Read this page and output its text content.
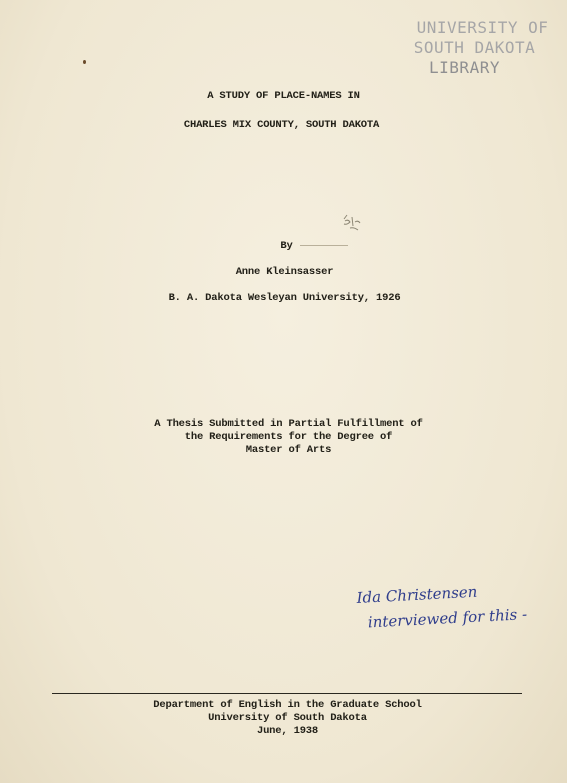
UNIVERSITY OF
SOUTH DAKOTA
LIBRARY
A STUDY OF PLACE-NAMES IN
CHARLES MIX COUNTY, SOUTH DAKOTA
By
Anne Kleinsasser
B. A. Dakota Wesleyan University, 1926
A Thesis Submitted in Partial Fulfillment of
the Requirements for the Degree of
Master of Arts
Ida Christensen
interviewed for this -
Department of English in the Graduate School
University of South Dakota
June, 1938
